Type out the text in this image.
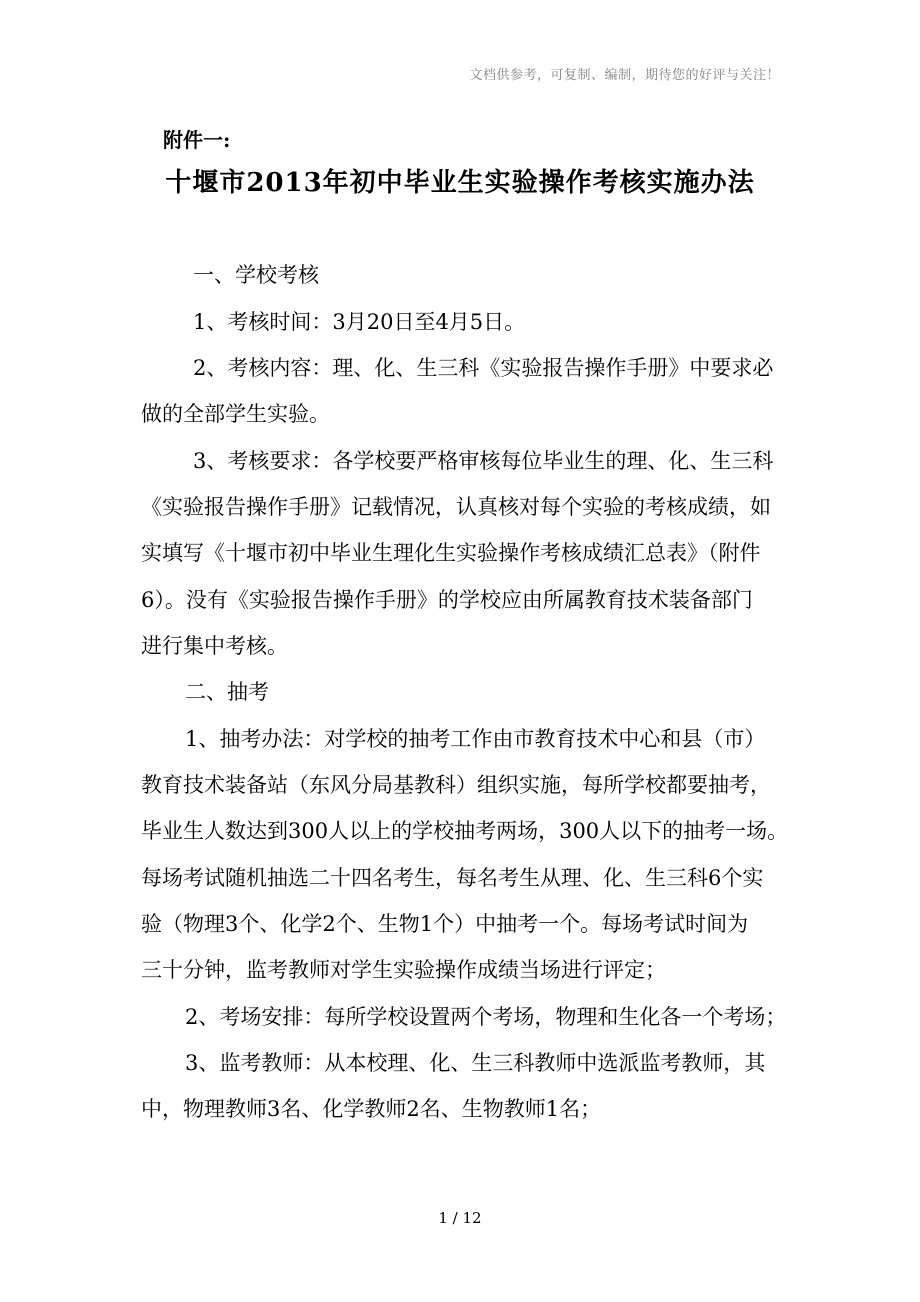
文档供参考，可复制、编制，期待您的好评与关注！
附件一:
十堰市2013年初中毕业生实验操作考核实施办法
一、学校考核
1、考核时间：3月20日至4月5日。
2、考核内容：理、化、生三科《实验报告操作手册》中要求必
做的全部学生实验。
3、考核要求：各学校要严格审核每位毕业生的理、化、生三科
《实验报告操作手册》记载情况，认真核对每个实验的考核成绩，如
实填写《十堰市初中毕业生理化生实验操作考核成绩汇总表》（附件
6）。没有《实验报告操作手册》的学校应由所属教育技术装备部门
进行集中考核。
二、抽考
1、抽考办法：对学校的抽考工作由市教育技术中心和县（市）
教育技术装备站（东风分局基教科）组织实施，每所学校都要抽考，
毕业生人数达到300人以上的学校抽考两场，300人以下的抽考一场。
每场考试随机抽选二十四名考生，每名考生从理、化、生三科6个实
验（物理3个、化学2个、生物1个）中抽考一个。每场考试时间为
三十分钟，监考教师对学生实验操作成绩当场进行评定；
2、考场安排：每所学校设置两个考场，物理和生化各一个考场；
3、监考教师：从本校理、化、生三科教师中选派监考教师，其
中，物理教师3名、化学教师2名、生物教师1名；
1 / 12
